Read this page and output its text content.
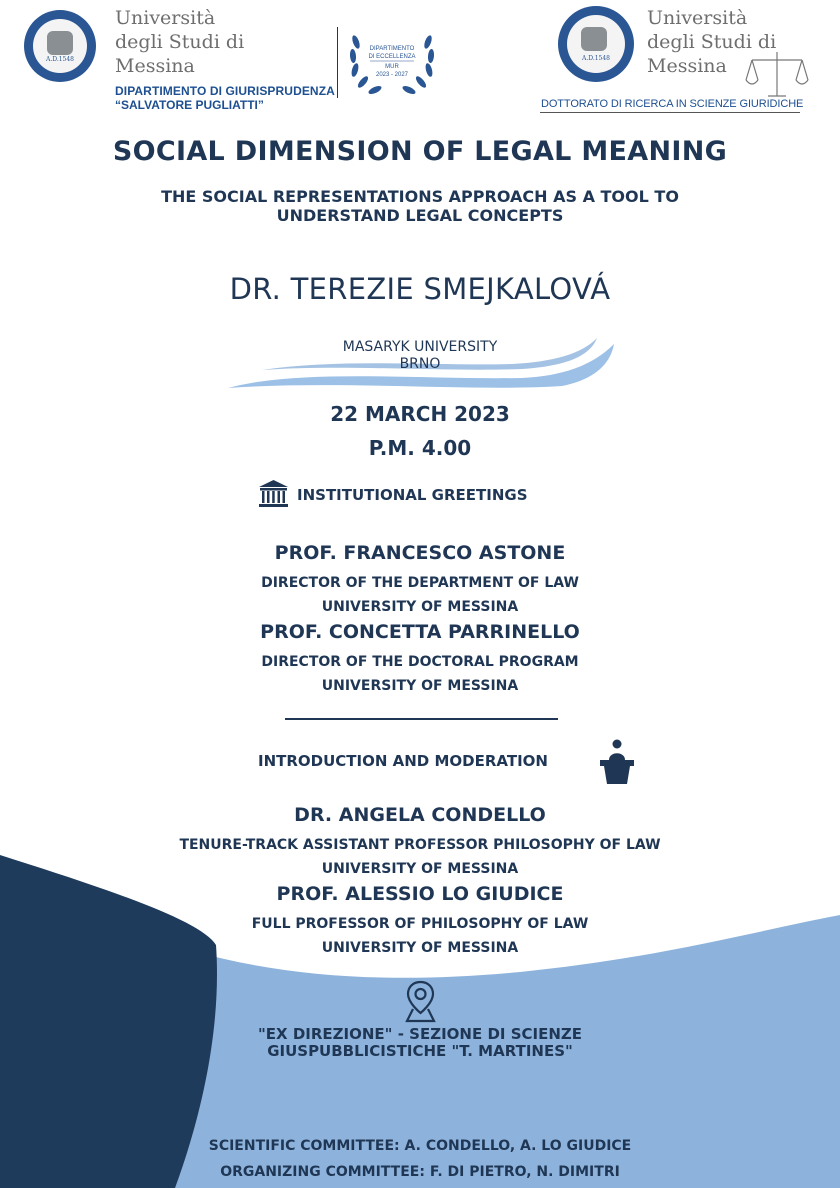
A.D.1548
Università
degli Studi di
Messina
DIPARTIMENTO DI GIURISPRUDENZA
“SALVATORE PUGLIATTI”
DIPARTIMENTO
DI ECCELLENZA
MUR
2023 - 2027
A.D.1548
Università
degli Studi di
Messina
DOTTORATO DI RICERCA IN SCIENZE GIURIDICHE
SOCIAL DIMENSION OF LEGAL MEANING
THE SOCIAL REPRESENTATIONS APPROACH AS A TOOL TO
UNDERSTAND LEGAL CONCEPTS
DR. TEREZIE SMEJKALOVÁ
MASARYK UNIVERSITY
BRNO
22 MARCH 2023
P.M. 4.00
INSTITUTIONAL GREETINGS
PROF. FRANCESCO ASTONE
DIRECTOR OF THE DEPARTMENT OF LAW
UNIVERSITY OF MESSINA
PROF. CONCETTA PARRINELLO
DIRECTOR OF THE DOCTORAL PROGRAM
UNIVERSITY OF MESSINA
INTRODUCTION AND MODERATION
DR. ANGELA CONDELLO
TENURE-TRACK ASSISTANT PROFESSOR PHILOSOPHY OF LAW
UNIVERSITY OF MESSINA
PROF. ALESSIO LO GIUDICE
FULL PROFESSOR OF PHILOSOPHY OF LAW
UNIVERSITY OF MESSINA
"EX DIREZIONE" - SEZIONE DI SCIENZE
GIUSPUBBLICISTICHE "T. MARTINES"
SCIENTIFIC COMMITTEE: A. CONDELLO, A. LO GIUDICE
ORGANIZING COMMITTEE: F. DI PIETRO, N. DIMITRI
